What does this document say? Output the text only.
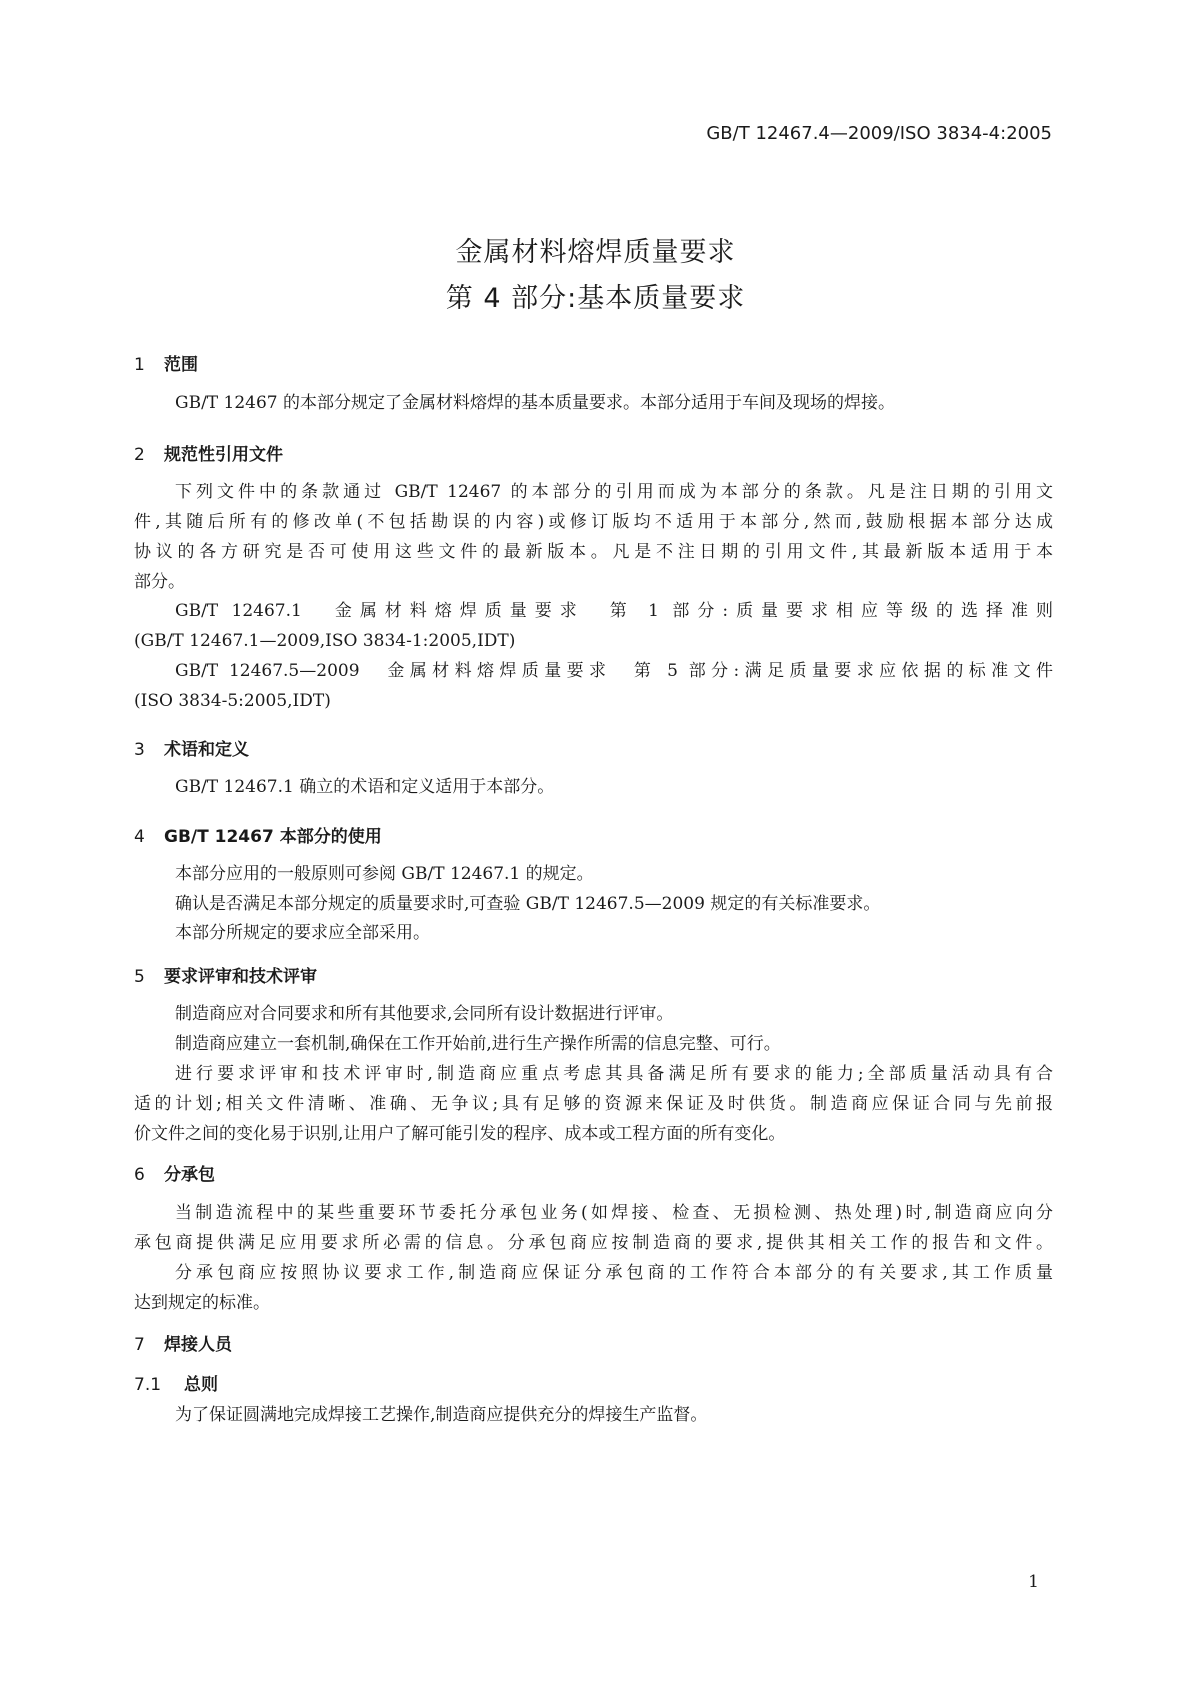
GB/T 12467.4—2009/ISO 3834-4:2005
金属材料熔焊质量要求
第 4 部分:基本质量要求
1 范围
GB/T 12467 的本部分规定了金属材料熔焊的基本质量要求。本部分适用于车间及现场的焊接。
2 规范性引用文件
下列文件中的条款通过 GB/T 12467 的本部分的引用而成为本部分的条款。凡是注日期的引用文
件,其随后所有的修改单(不包括勘误的内容)或修订版均不适用于本部分,然而,鼓励根据本部分达成
协议的各方研究是否可使用这些文件的最新版本。凡是不注日期的引用文件,其最新版本适用于本
部分。
GB/T 12467.1　金属材料熔焊质量要求　第 1 部分:质量要求相应等级的选择准则
(GB/T 12467.1—2009,ISO 3834-1:2005,IDT)
GB/T 12467.5—2009　金属材料熔焊质量要求　第 5 部分:满足质量要求应依据的标准文件
(ISO 3834-5:2005,IDT)
3 术语和定义
GB/T 12467.1 确立的术语和定义适用于本部分。
4 GB/T 12467 本部分的使用
本部分应用的一般原则可参阅 GB/T 12467.1 的规定。
确认是否满足本部分规定的质量要求时,可查验 GB/T 12467.5—2009 规定的有关标准要求。
本部分所规定的要求应全部采用。
5 要求评审和技术评审
制造商应对合同要求和所有其他要求,会同所有设计数据进行评审。
制造商应建立一套机制,确保在工作开始前,进行生产操作所需的信息完整、可行。
进行要求评审和技术评审时,制造商应重点考虑其具备满足所有要求的能力;全部质量活动具有合
适的计划;相关文件清晰、准确、无争议;具有足够的资源来保证及时供货。制造商应保证合同与先前报
价文件之间的变化易于识别,让用户了解可能引发的程序、成本或工程方面的所有变化。
6 分承包
当制造流程中的某些重要环节委托分承包业务(如焊接、检查、无损检测、热处理)时,制造商应向分
承包商提供满足应用要求所必需的信息。分承包商应按制造商的要求,提供其相关工作的报告和文件。
分承包商应按照协议要求工作,制造商应保证分承包商的工作符合本部分的有关要求,其工作质量
达到规定的标准。
7 焊接人员
7.1 总则
为了保证圆满地完成焊接工艺操作,制造商应提供充分的焊接生产监督。
1
